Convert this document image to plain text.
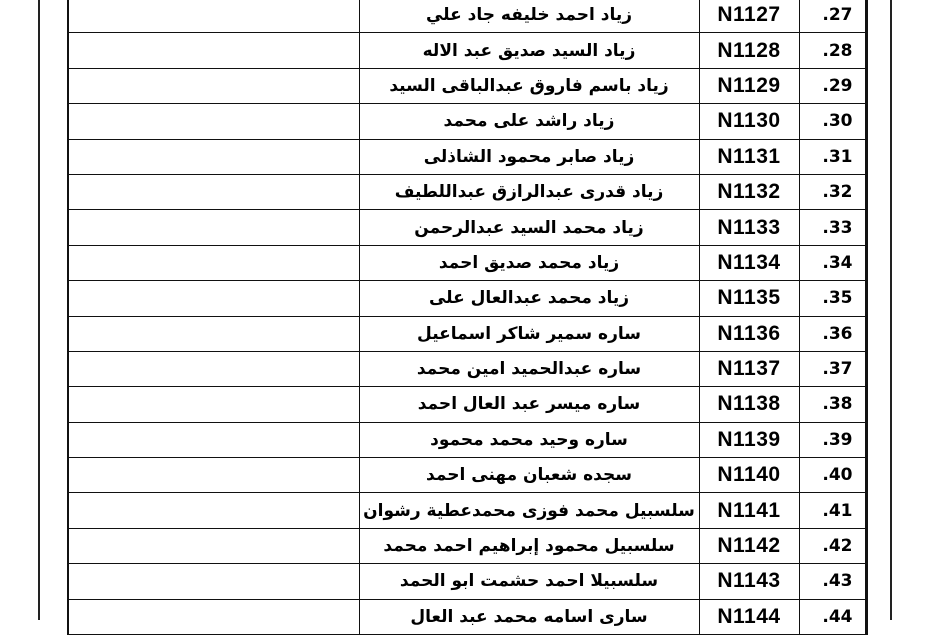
	زياد احمد خليفه جاد علي	N1127	.27
	زياد السيد صديق عبد الاله	N1128	.28
	زياد باسم فاروق عبدالباقى السيد	N1129	.29
	زياد راشد على محمد	N1130	.30
	زياد صابر محمود الشاذلى	N1131	.31
	زياد قدرى عبدالرازق عبداللطيف	N1132	.32
	زياد محمد السيد عبدالرحمن	N1133	.33
	زياد محمد صديق احمد	N1134	.34
	زياد محمد عبدالعال على	N1135	.35
	ساره سمير شاكر اسماعيل	N1136	.36
	ساره عبدالحميد امين محمد	N1137	.37
	ساره ميسر عبد العال احمد	N1138	.38
	ساره وحيد محمد محمود	N1139	.39
	سجده شعبان مهنى احمد	N1140	.40
	سلسبيل محمد فوزى محمدعطية رشوان	N1141	.41
	سلسبيل محمود إبراهيم احمد محمد	N1142	.42
	سلسبيلا احمد حشمت ابو الحمد	N1143	.43
	سارى اسامه محمد عبد العال	N1144	.44
